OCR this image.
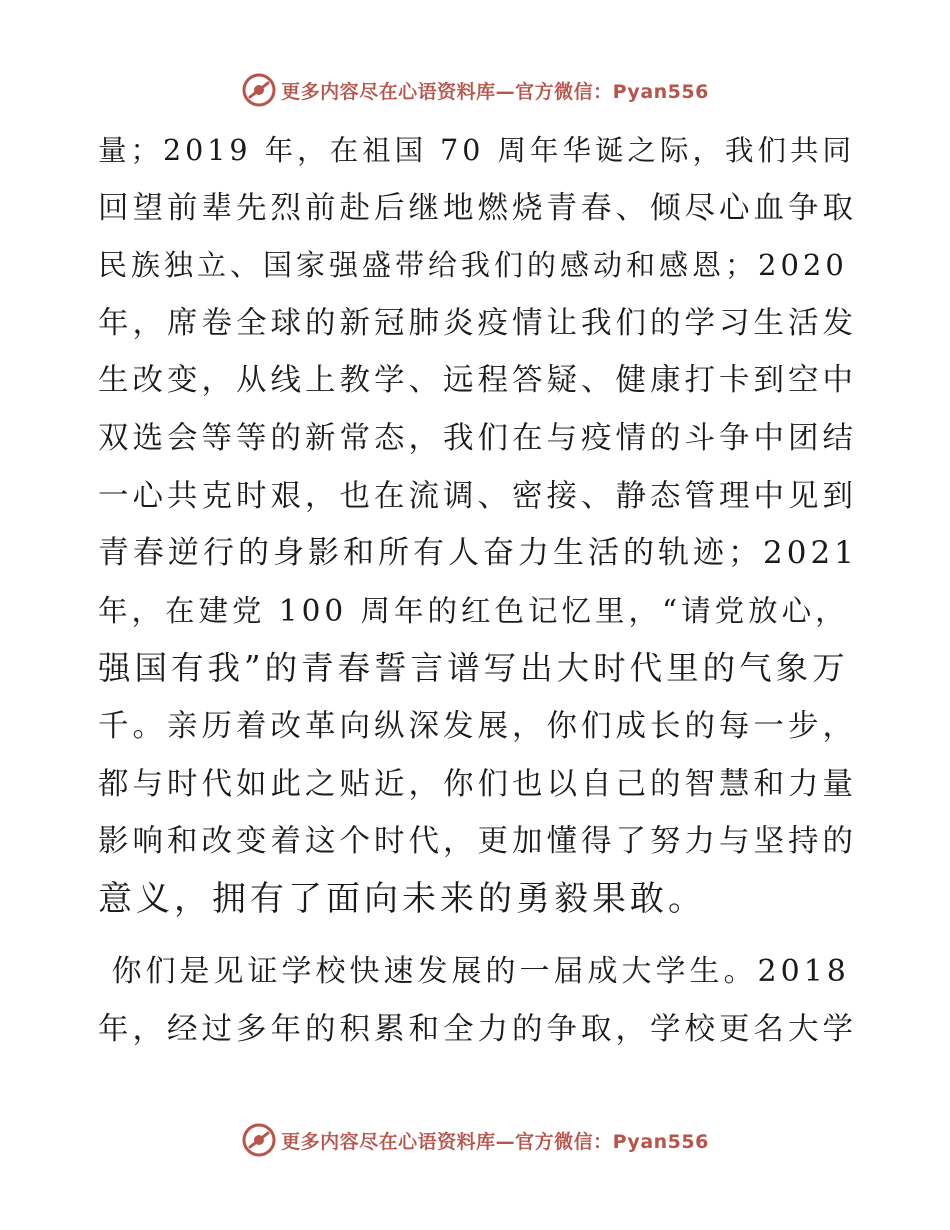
更多内容尽在心语资料库—官方微信：Pyan556
量；2019 年，在祖国 70 周年华诞之际，我们共同
回望前辈先烈前赴后继地燃烧青春、倾尽心血争取
民族独立、国家强盛带给我们的感动和感恩；2020
年，席卷全球的新冠肺炎疫情让我们的学习生活发
生改变，从线上教学、远程答疑、健康打卡到空中
双选会等等的新常态，我们在与疫情的斗争中团结
一心共克时艰，也在流调、密接、静态管理中见到
青春逆行的身影和所有人奋力生活的轨迹；2021
年，在建党 100 周年的红色记忆里，“请党放心，
强国有我”的青春誓言谱写出大时代里的气象万
千。亲历着改革向纵深发展，你们成长的每一步，
都与时代如此之贴近，你们也以自己的智慧和力量
影响和改变着这个时代，更加懂得了努力与坚持的
意义，拥有了面向未来的勇毅果敢。
你们是见证学校快速发展的一届成大学生。2018
年，经过多年的积累和全力的争取，学校更名大学
更多内容尽在心语资料库—官方微信：Pyan556
